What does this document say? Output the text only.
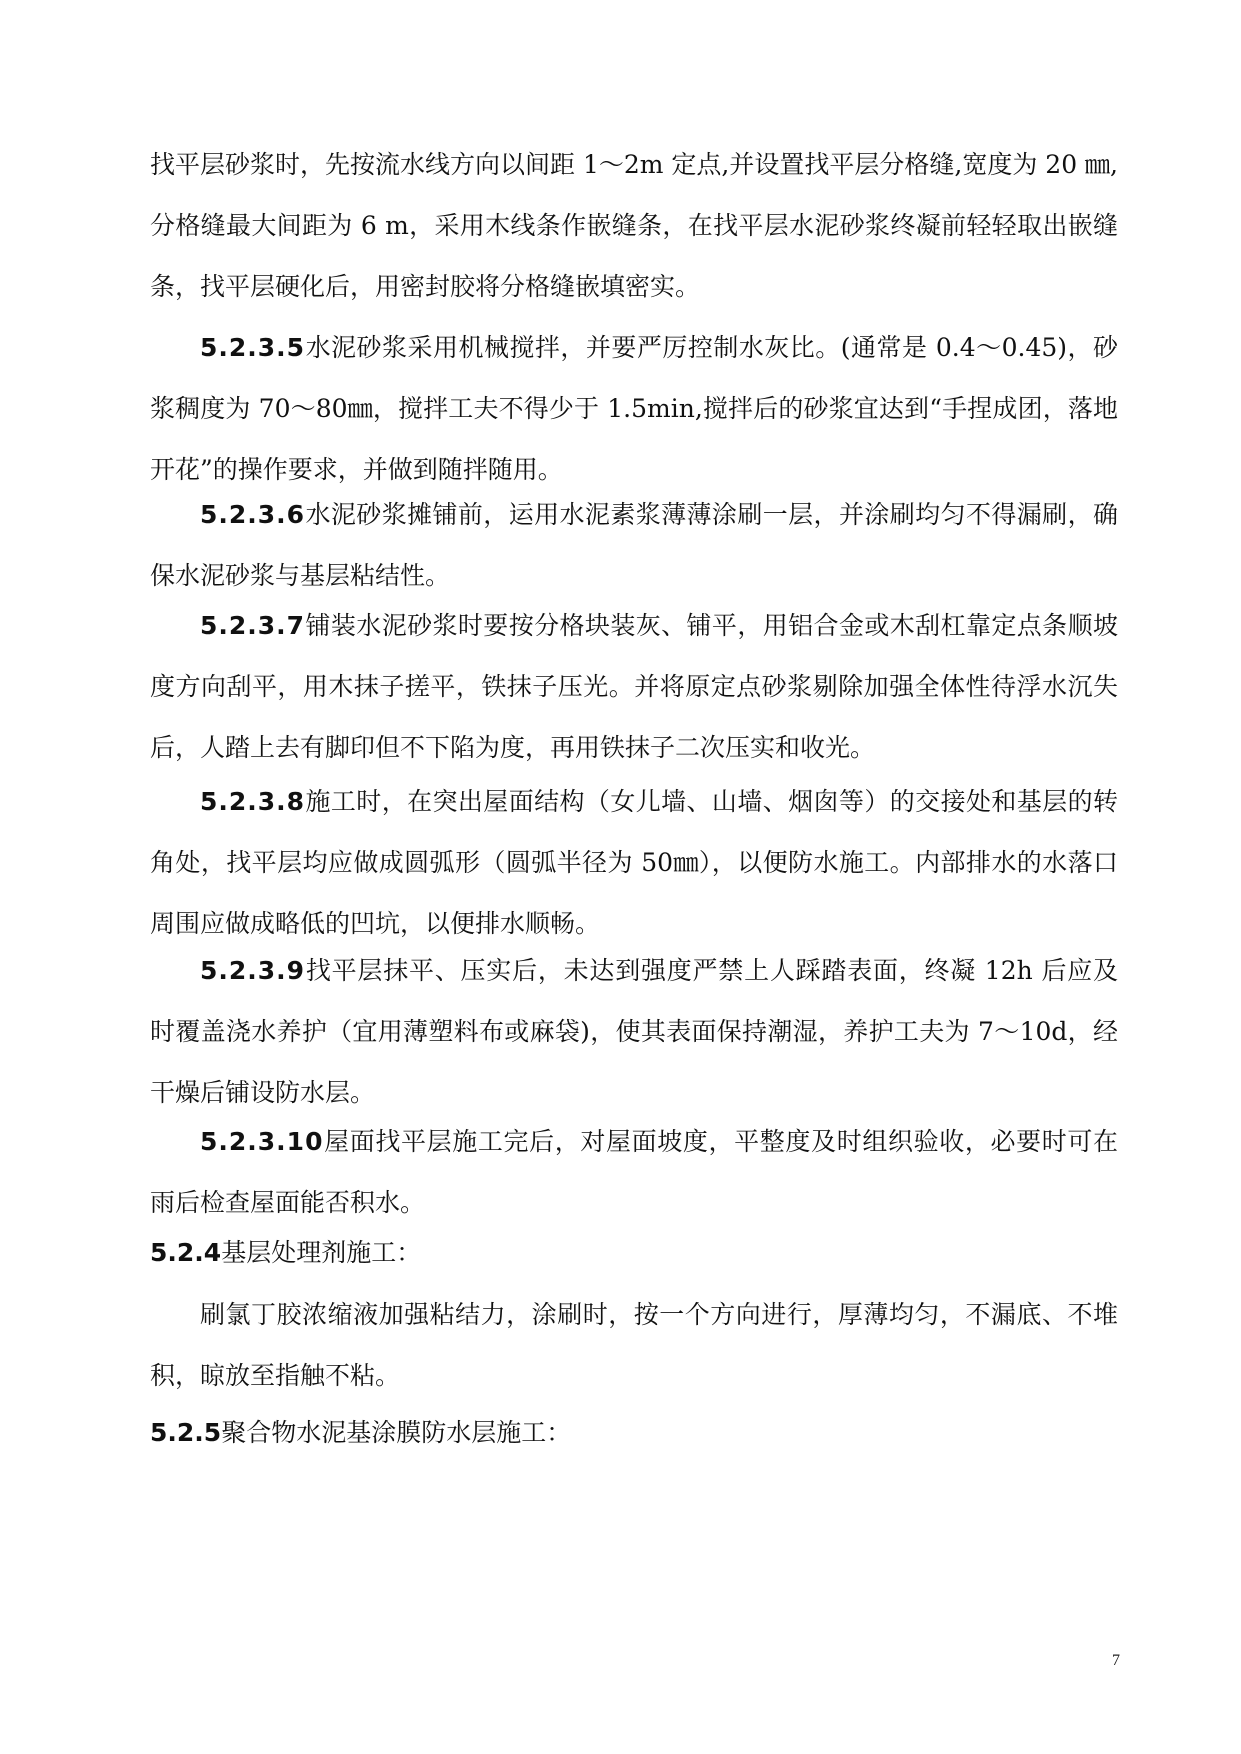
找平层砂浆时，先按流水线方向以间距 1～2m 定点,并设置找平层分格缝,宽度为 20 ㎜,分格缝最大间距为 6 m，采用木线条作嵌缝条，在找平层水泥砂浆终凝前轻轻取出嵌缝条，找平层硬化后，用密封胶将分格缝嵌填密实。

5.2.3.5水泥砂浆采用机械搅拌，并要严厉控制水灰比。(通常是 0.4～0.45)，砂浆稠度为 70～80㎜，搅拌工夫不得少于 1.5min,搅拌后的砂浆宜达到“手捏成团，落地开花”的操作要求，并做到随拌随用。

5.2.3.6水泥砂浆摊铺前，运用水泥素浆薄薄涂刷一层，并涂刷均匀不得漏刷，确保水泥砂浆与基层粘结性。

5.2.3.7铺装水泥砂浆时要按分格块装灰、铺平，用铝合金或木刮杠靠定点条顺坡度方向刮平，用木抹子搓平，铁抹子压光。并将原定点砂浆剔除加强全体性待浮水沉失后，人踏上去有脚印但不下陷为度，再用铁抹子二次压实和收光。

5.2.3.8施工时，在突出屋面结构（女儿墙、山墙、烟囱等）的交接处和基层的转角处，找平层均应做成圆弧形（圆弧半径为 50㎜），以便防水施工。内部排水的水落口周围应做成略低的凹坑，以便排水顺畅。

5.2.3.9找平层抹平、压实后，未达到强度严禁上人踩踏表面，终凝 12h 后应及时覆盖浇水养护（宜用薄塑料布或麻袋)，使其表面保持潮湿，养护工夫为 7～10d，经干燥后铺设防水层。

5.2.3.10屋面找平层施工完后，对屋面坡度，平整度及时组织验收，必要时可在雨后检查屋面能否积水。

5.2.4基层处理剂施工：

刷氯丁胶浓缩液加强粘结力，涂刷时，按一个方向进行，厚薄均匀，不漏底、不堆积，晾放至指触不粘。

5.2.5聚合物水泥基涂膜防水层施工：

7
